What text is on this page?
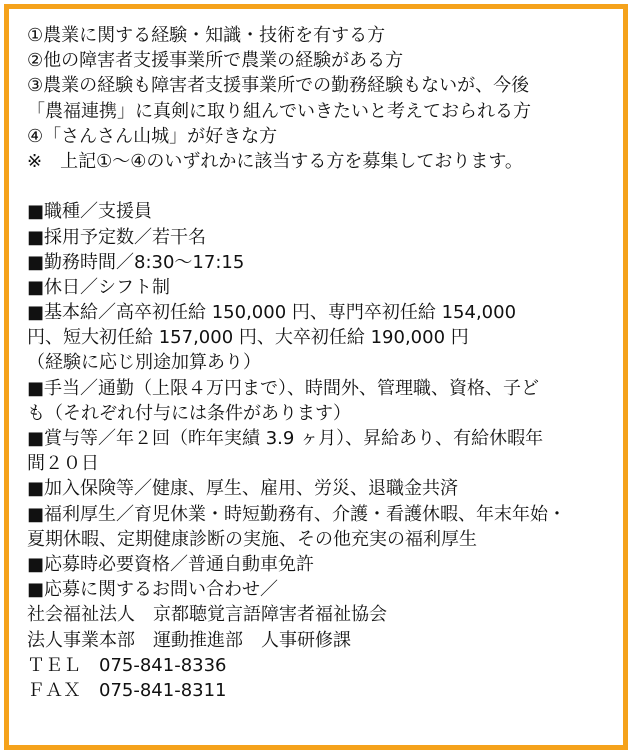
①農業に関する経験・知識・技術を有する方
②他の障害者支援事業所で農業の経験がある方
③農業の経験も障害者支援事業所での勤務経験もないが、今後
「農福連携」に真剣に取り組んでいきたいと考えておられる方
④「さんさん山城」が好きな方
※　上記①～④のいずれかに該当する方を募集しております。
■職種／支援員
■採用予定数／若干名
■勤務時間／8:30～17:15
■休日／シフト制
■基本給／高卒初任給 150,000 円、専門卒初任給 154,000
円、短大初任給 157,000 円、大卒初任給 190,000 円
（経験に応じ別途加算あり）
■手当／通勤（上限４万円まで）、時間外、管理職、資格、子ど
も（それぞれ付与には条件があります）
■賞与等／年２回（昨年実績 3.9 ヶ月）、昇給あり、有給休暇年
間２０日
■加入保険等／健康、厚生、雇用、労災、退職金共済
■福利厚生／育児休業・時短勤務有、介護・看護休暇、年末年始・
夏期休暇、定期健康診断の実施、その他充実の福利厚生
■応募時必要資格／普通自動車免許
■応募に関するお問い合わせ／
社会福祉法人　京都聴覚言語障害者福祉協会
法人事業本部　運動推進部　人事研修課
ＴＥＬ　075-841-8336
ＦＡＸ　075-841-8311
